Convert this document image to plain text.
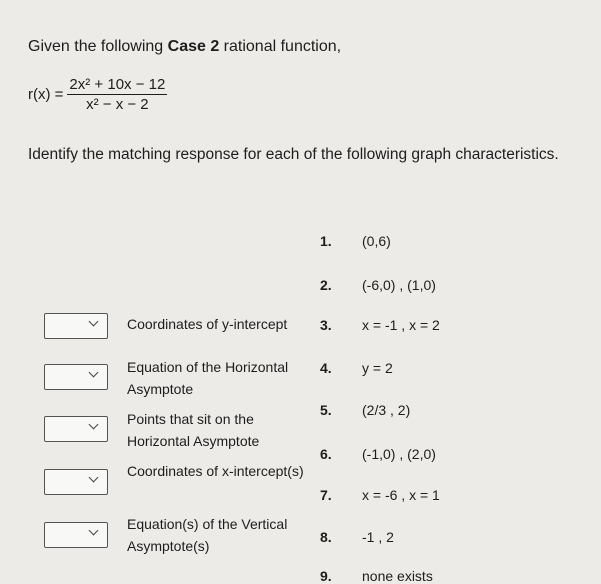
Given the following Case 2 rational function,
$r(x) = \frac{\text{2x² + 10x − 12}}{\text{x² − x − 2}}$
Identify the matching response for each of the following graph characteristics.
1.	(0,6)
2.	(-6,0) , (1,0)
3.	x = -1 , x = 2
4.	y = 2
5.	(2/3 , 2)
6.	(-1,0) , (2,0)
7.	x = -6 , x = 1
8.	-1 , 2
9.	none exists
Coordinates of y-intercept
Equation of the Horizontal Asymptote
Points that sit on the Horizontal Asymptote
Coordinates of x-intercept(s)
Equation(s) of the Vertical Asymptote(s)
